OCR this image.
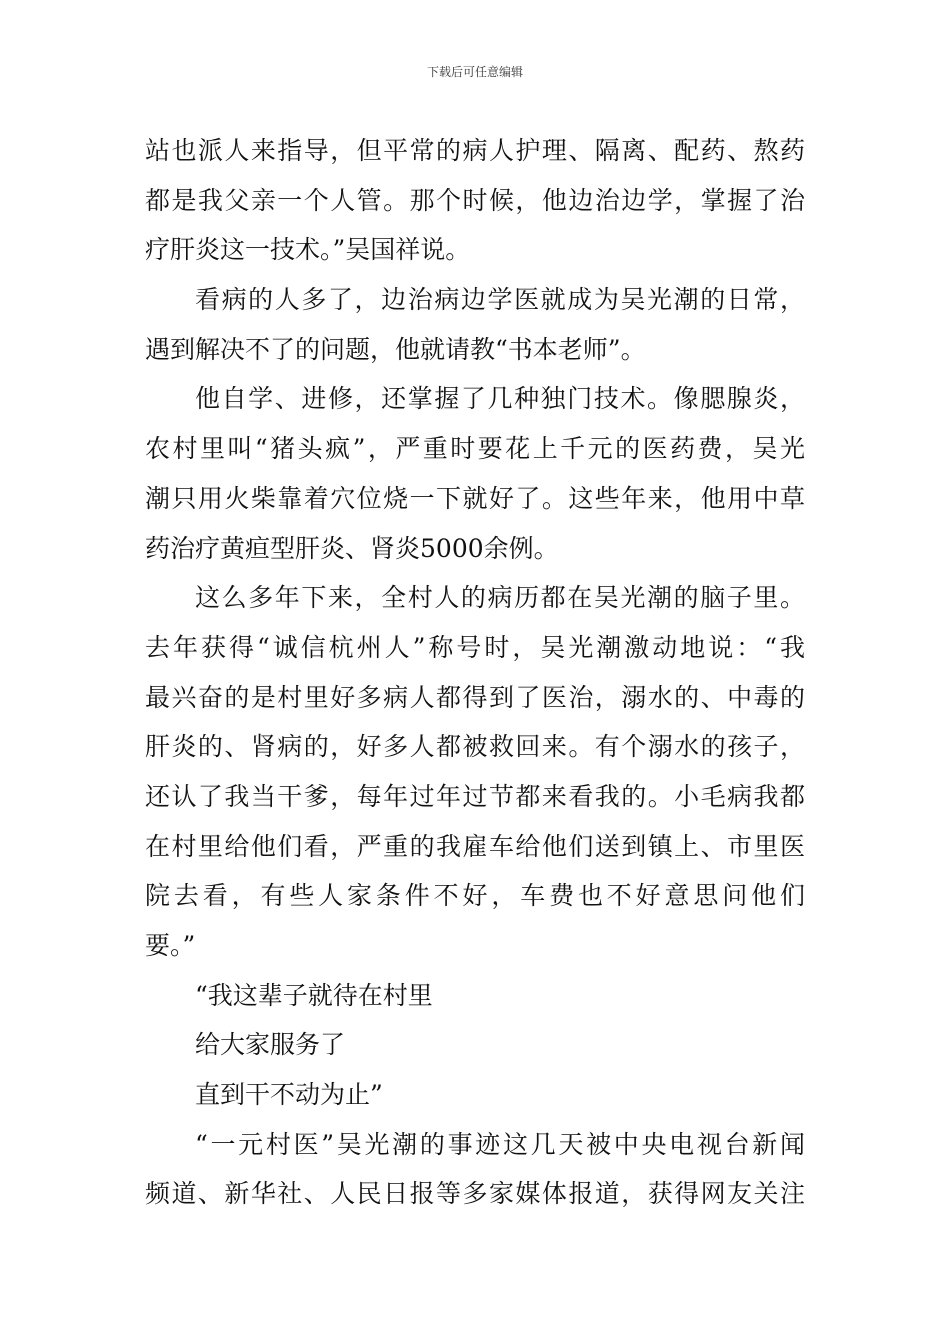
下载后可任意编辑

站也派人来指导，但平常的病人护理、隔离、配药、熬药

都是我父亲一个人管。那个时候，他边治边学，掌握了治

疗肝炎这一技术。”吴国祥说。

看病的人多了，边治病边学医就成为吴光潮的日常，

遇到解决不了的问题，他就请教“书本老师”。

他自学、进修，还掌握了几种独门技术。像腮腺炎，

农村里叫“猪头疯”，严重时要花上千元的医药费，吴光

潮只用火柴靠着穴位烧一下就好了。这些年来，他用中草

药治疗黄疸型肝炎、肾炎5000余例。

这么多年下来，全村人的病历都在吴光潮的脑子里。

去年获得“诚信杭州人”称号时，吴光潮激动地说：“我

最兴奋的是村里好多病人都得到了医治，溺水的、中毒的

肝炎的、肾病的，好多人都被救回来。有个溺水的孩子，

还认了我当干爹，每年过年过节都来看我的。小毛病我都

在村里给他们看，严重的我雇车给他们送到镇上、市里医

院去看，有些人家条件不好，车费也不好意思问他们

要。”

“我这辈子就待在村里

给大家服务了

直到干不动为止”

“一元村医”吴光潮的事迹这几天被中央电视台新闻

频道、新华社、人民日报等多家媒体报道，获得网友关注
